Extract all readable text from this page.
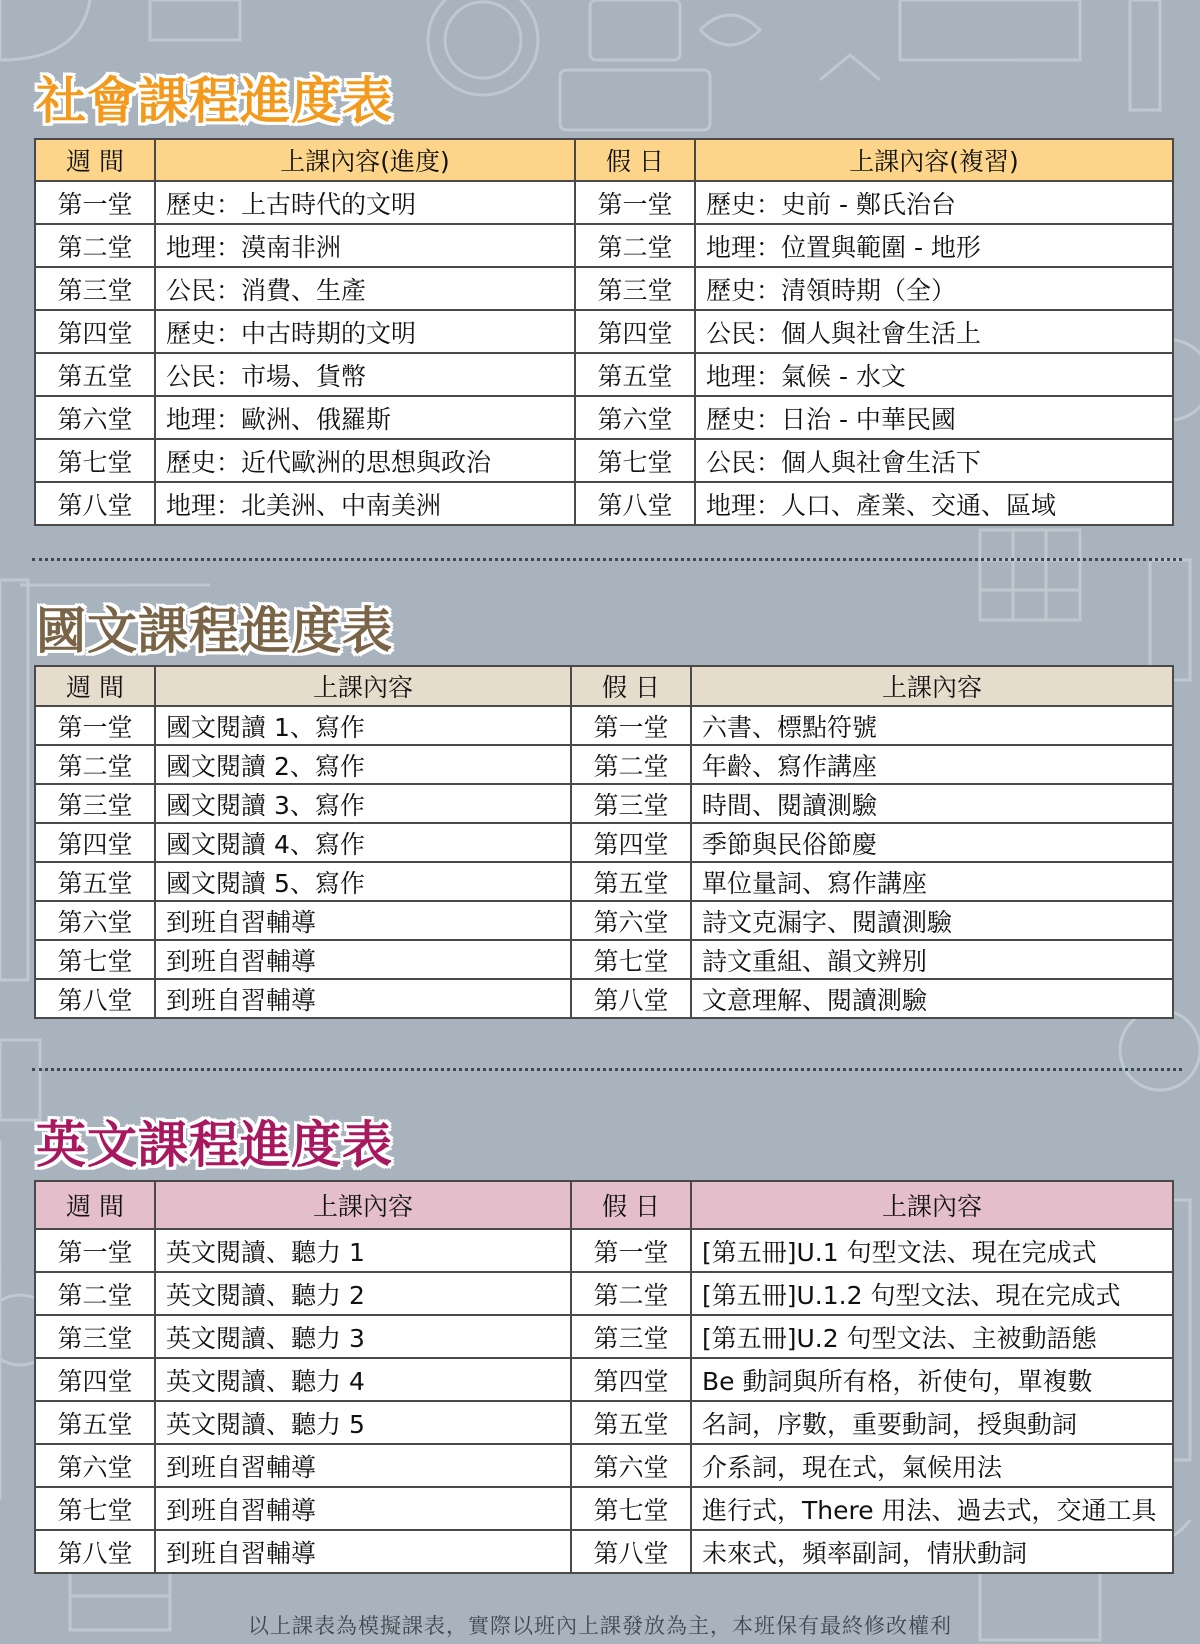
社會課程進度表
週 間	上課內容(進度)	假 日	上課內容(複習)
第一堂	歷史：上古時代的文明	第一堂	歷史：史前 - 鄭氏治台
第二堂	地理：漠南非洲	第二堂	地理：位置與範圍 - 地形
第三堂	公民：消費、生產	第三堂	歷史：清領時期（全）
第四堂	歷史：中古時期的文明	第四堂	公民：個人與社會生活上
第五堂	公民：市場、貨幣	第五堂	地理：氣候 - 水文
第六堂	地理：歐洲、俄羅斯	第六堂	歷史：日治 - 中華民國
第七堂	歷史：近代歐洲的思想與政治	第七堂	公民：個人與社會生活下
第八堂	地理：北美洲、中南美洲	第八堂	地理：人口、產業、交通、區域
國文課程進度表
週 間	上課內容	假 日	上課內容
第一堂	國文閱讀 1、寫作	第一堂	六書、標點符號
第二堂	國文閱讀 2、寫作	第二堂	年齡、寫作講座
第三堂	國文閱讀 3、寫作	第三堂	時間、閱讀測驗
第四堂	國文閱讀 4、寫作	第四堂	季節與民俗節慶
第五堂	國文閱讀 5、寫作	第五堂	單位量詞、寫作講座
第六堂	到班自習輔導	第六堂	詩文克漏字、閱讀測驗
第七堂	到班自習輔導	第七堂	詩文重組、韻文辨別
第八堂	到班自習輔導	第八堂	文意理解、閱讀測驗
英文課程進度表
週 間	上課內容	假 日	上課內容
第一堂	英文閱讀、聽力 1	第一堂	[第五冊]U.1 句型文法、現在完成式
第二堂	英文閱讀、聽力 2	第二堂	[第五冊]U.1.2 句型文法、現在完成式
第三堂	英文閱讀、聽力 3	第三堂	[第五冊]U.2 句型文法、主被動語態
第四堂	英文閱讀、聽力 4	第四堂	Be 動詞與所有格，祈使句，單複數
第五堂	英文閱讀、聽力 5	第五堂	名詞，序數，重要動詞，授與動詞
第六堂	到班自習輔導	第六堂	介系詞，現在式，氣候用法
第七堂	到班自習輔導	第七堂	進行式，There 用法、過去式，交通工具
第八堂	到班自習輔導	第八堂	未來式，頻率副詞，情狀動詞
以上課表為模擬課表，實際以班內上課發放為主，本班保有最終修改權利
